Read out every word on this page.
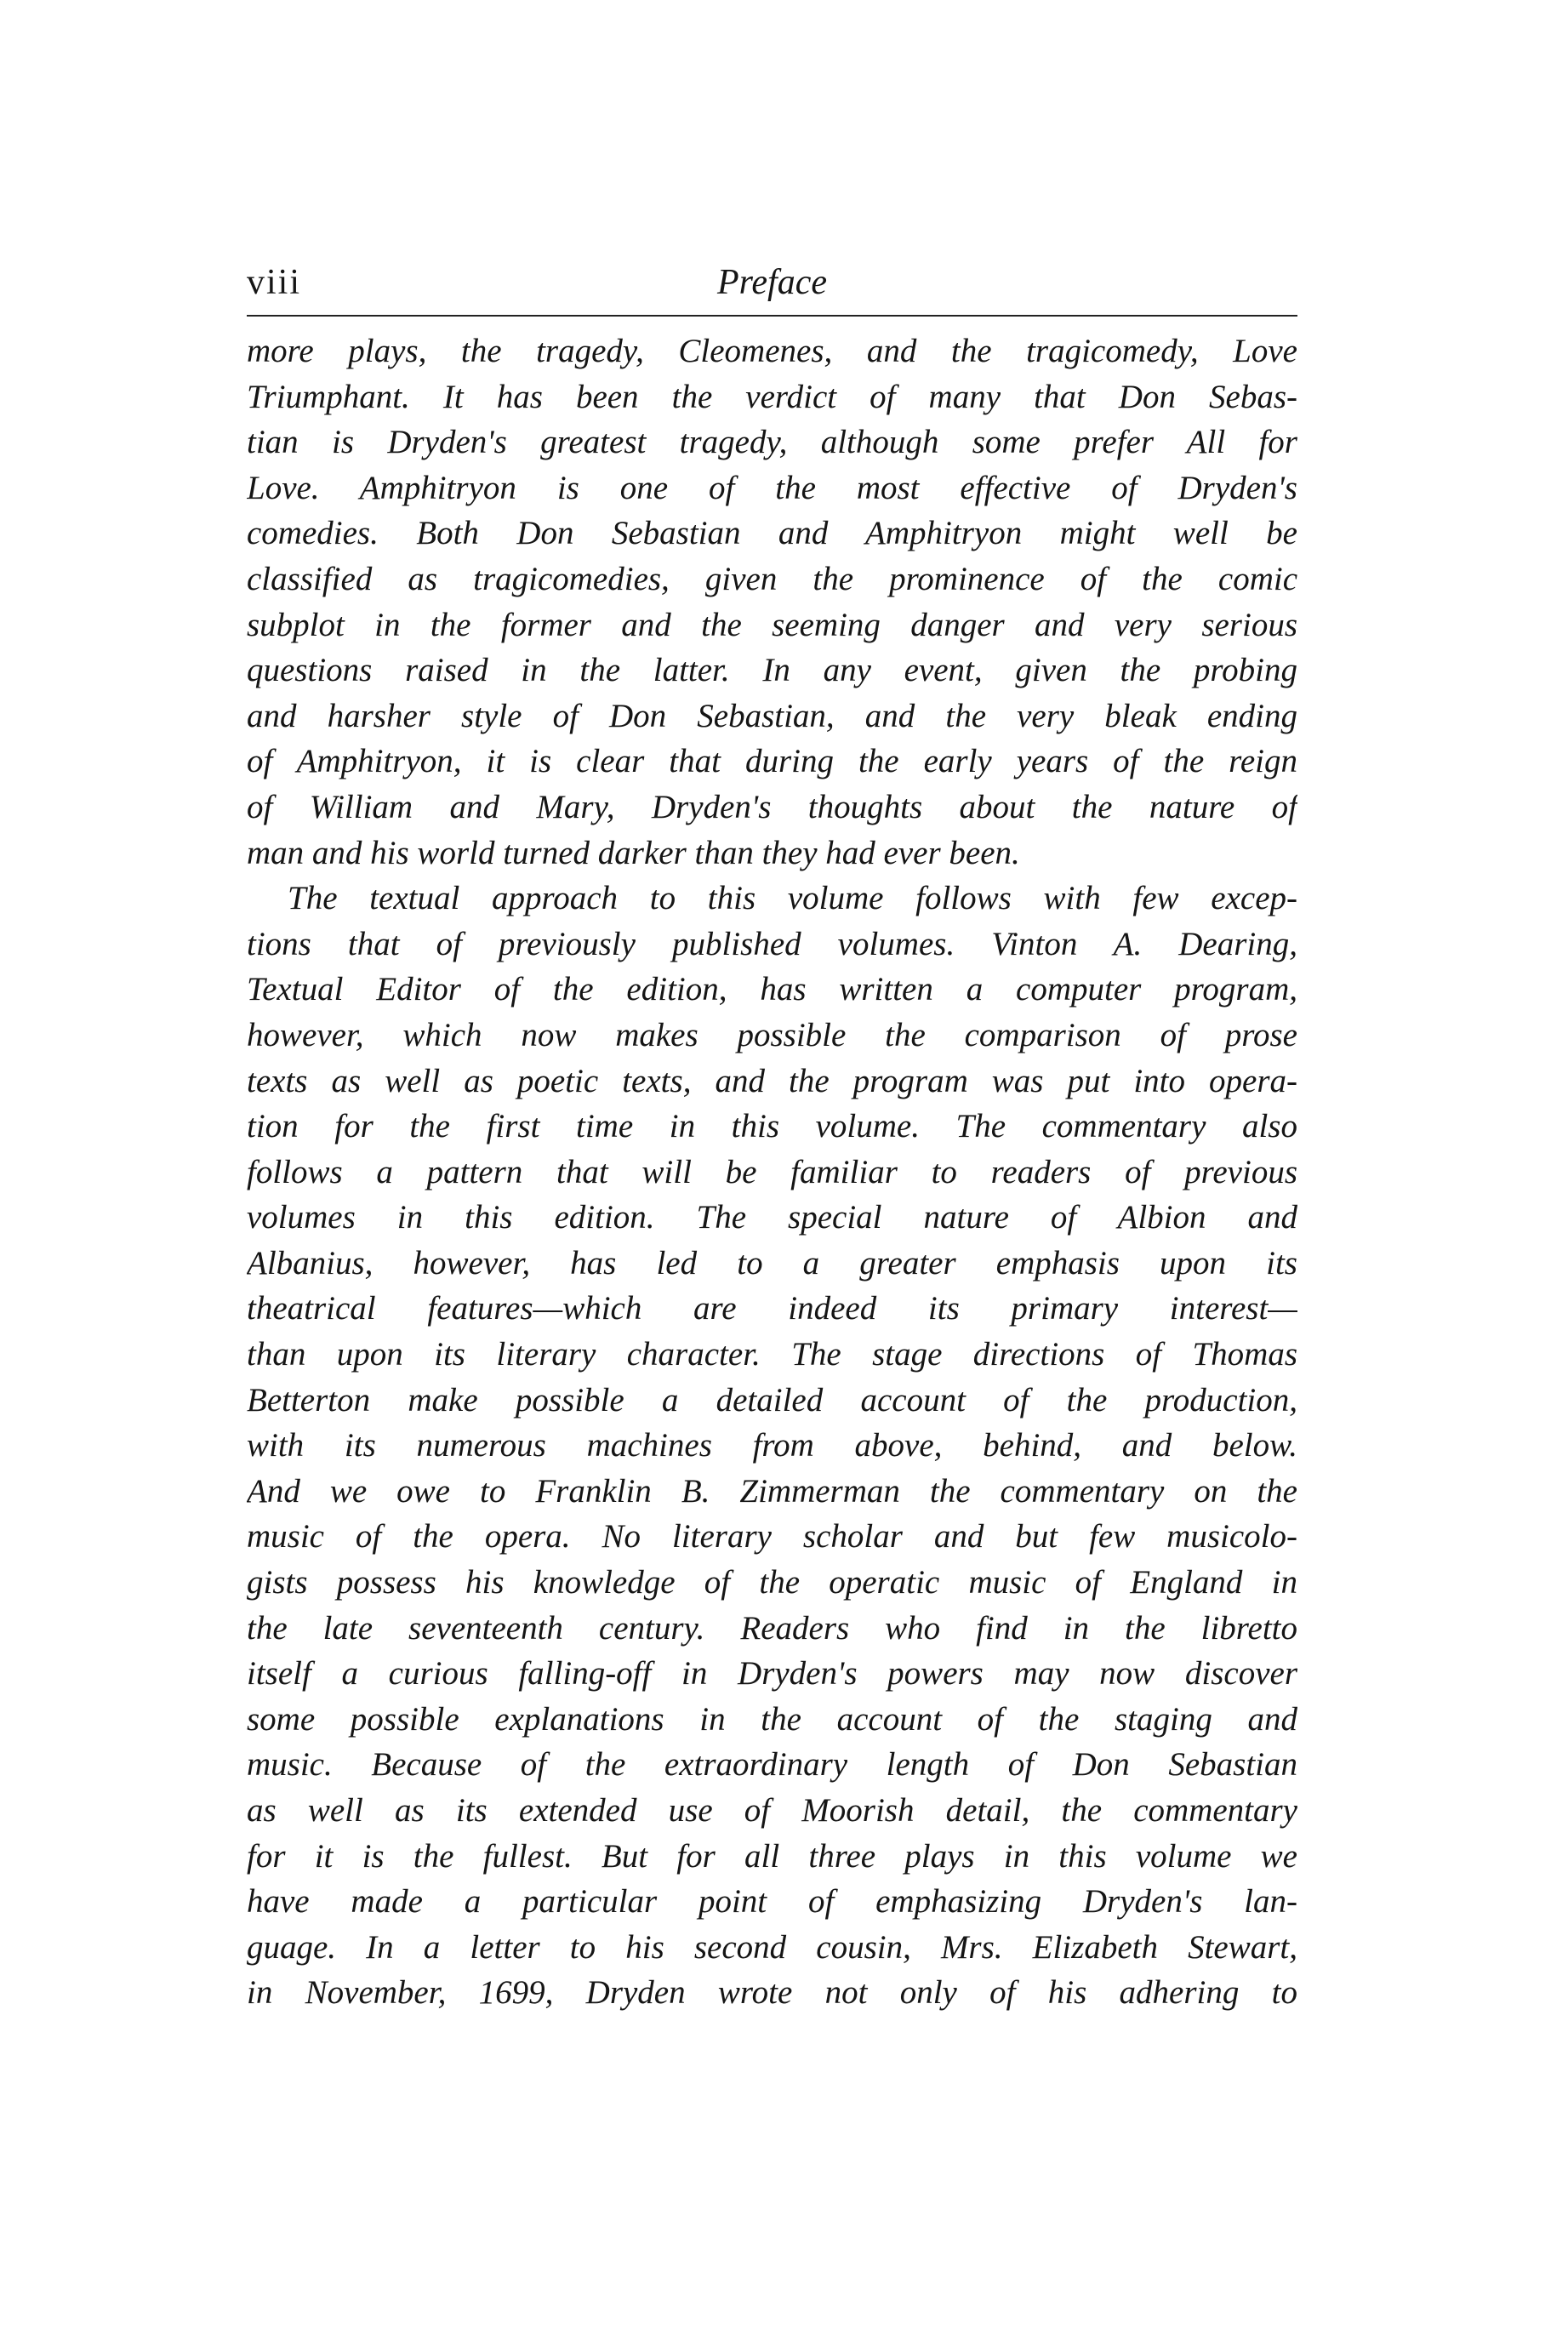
viii	Preface
more plays, the tragedy, Cleomenes, and the tragicomedy, Love
Triumphant. It has been the verdict of many that Don Sebas-
tian is Dryden's greatest tragedy, although some prefer All for
Love. Amphitryon is one of the most effective of Dryden's
comedies. Both Don Sebastian and Amphitryon might well be
classified as tragicomedies, given the prominence of the comic
subplot in the former and the seeming danger and very serious
questions raised in the latter. In any event, given the probing
and harsher style of Don Sebastian, and the very bleak ending
of Amphitryon, it is clear that during the early years of the reign
of William and Mary, Dryden's thoughts about the nature of
man and his world turned darker than they had ever been.
The textual approach to this volume follows with few excep-
tions that of previously published volumes. Vinton A. Dearing,
Textual Editor of the edition, has written a computer program,
however, which now makes possible the comparison of prose
texts as well as poetic texts, and the program was put into opera-
tion for the first time in this volume. The commentary also
follows a pattern that will be familiar to readers of previous
volumes in this edition. The special nature of Albion and
Albanius, however, has led to a greater emphasis upon its
theatrical features—which are indeed its primary interest—
than upon its literary character. The stage directions of Thomas
Betterton make possible a detailed account of the production,
with its numerous machines from above, behind, and below.
And we owe to Franklin B. Zimmerman the commentary on the
music of the opera. No literary scholar and but few musicolo-
gists possess his knowledge of the operatic music of England in
the late seventeenth century. Readers who find in the libretto
itself a curious falling-off in Dryden's powers may now discover
some possible explanations in the account of the staging and
music. Because of the extraordinary length of Don Sebastian
as well as its extended use of Moorish detail, the commentary
for it is the fullest. But for all three plays in this volume we
have made a particular point of emphasizing Dryden's lan-
guage. In a letter to his second cousin, Mrs. Elizabeth Stewart,
in November, 1699, Dryden wrote not only of his adhering to
